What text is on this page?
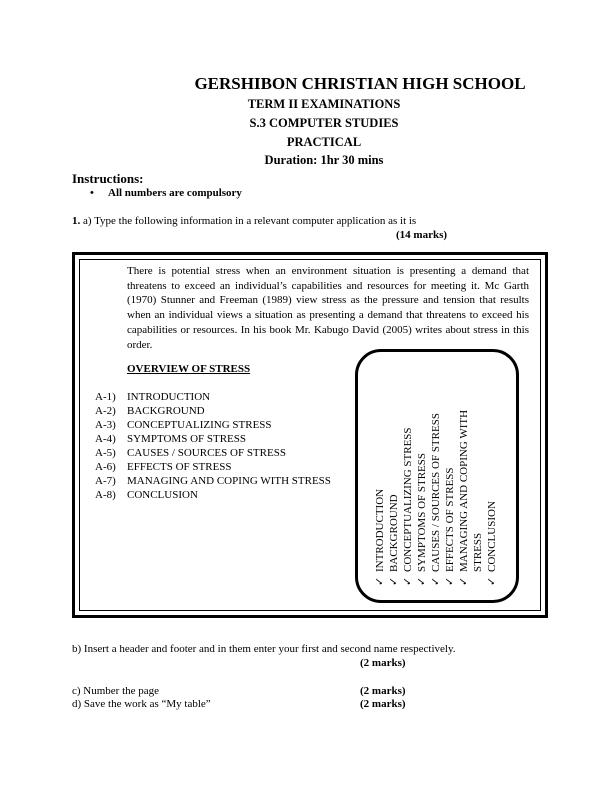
GERSHIBON CHRISTIAN HIGH SCHOOL
TERM II EXAMINATIONS
S.3 COMPUTER STUDIES
PRACTICAL
Duration: 1hr 30 mins
Instructions:
• All numbers are compulsory
1. a) Type the following information in a relevant computer application as it is
(14 marks)
There is potential stress when an environment situation is presenting a demand that threatens to exceed an individual’s capabilities and resources for meeting it. Mc Garth (1970) Stunner and Freeman (1989) view stress as the pressure and tension that results when an individual views a situation as presenting a demand that threatens to exceed his capabilities or resources. In his book Mr. Kabugo David (2005) writes about stress in this order.
OVERVIEW OF STRESS
A-1) INTRODUCTION
A-2) BACKGROUND
A-3) CONCEPTUALIZING STRESS
A-4) SYMPTOMS OF STRESS
A-5) CAUSES / SOURCES OF STRESS
A-6) EFFECTS OF STRESS
A-7) MANAGING AND COPING WITH STRESS
A-8) CONCLUSION
✓INTRODUCTION
✓BACKGROUND
✓CONCEPTUALIZING STRESS
✓SYMPTOMS OF STRESS
✓CAUSES / SOURCES OF STRESS
✓EFFECTS OF STRESS
✓MANAGING AND COPING WITH STRESS
✓CONCLUSION
b) Insert a header and footer and in them enter your first and second name respectively.
(2 marks)
c) Number the page	(2 marks)
d) Save the work as “My table”	(2 marks)
